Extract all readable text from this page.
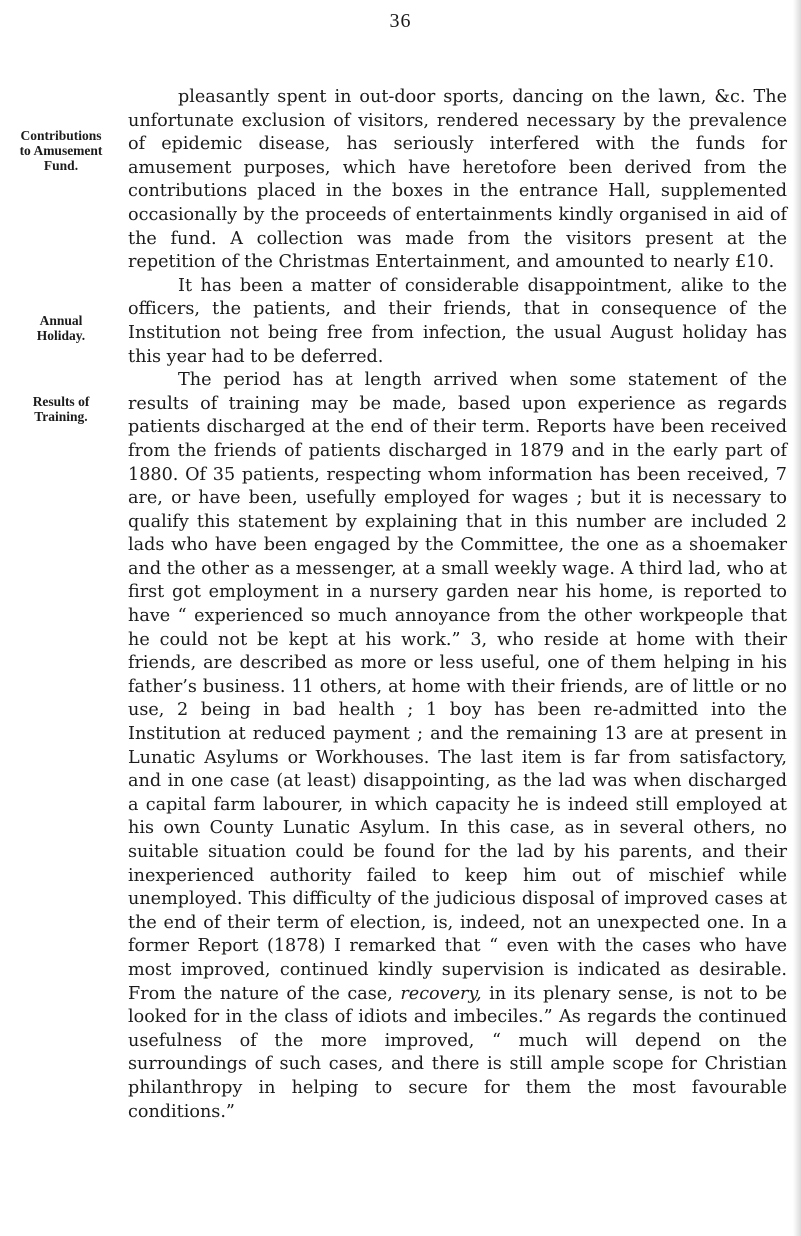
36
Contributions
to Amusement
Fund.
Annual
Holiday.
Results of
Training.

pleasantly spent in out-door sports, dancing on the lawn, &c. The unfortunate exclusion of visitors, rendered necessary by the prevalence of epidemic disease, has seriously interfered with the funds for amusement purposes, which have heretofore been derived from the contributions placed in the boxes in the entrance Hall, supplemented occasionally by the proceeds of entertainments kindly organised in aid of the fund. A collection was made from the visitors present at the repetition of the Christmas Entertainment, and amounted to nearly £10.

It has been a matter of considerable disappointment, alike to the officers, the patients, and their friends, that in consequence of the Institution not being free from infection, the usual August holiday has this year had to be deferred.

The period has at length arrived when some statement of the results of training may be made, based upon experience as regards patients discharged at the end of their term. Reports have been received from the friends of patients discharged in 1879 and in the early part of 1880. Of 35 patients, respecting whom information has been received, 7 are, or have been, usefully employed for wages ; but it is necessary to qualify this statement by explaining that in this number are included 2 lads who have been engaged by the Committee, the one as a shoemaker and the other as a messenger, at a small weekly wage. A third lad, who at first got employment in a nursery garden near his home, is reported to have “ experienced so much annoyance from the other workpeople that he could not be kept at his work.” 3, who reside at home with their friends, are described as more or less useful, one of them helping in his father’s business. 11 others, at home with their friends, are of little or no use, 2 being in bad health ; 1 boy has been re-admitted into the Institution at reduced payment ; and the remaining 13 are at present in Lunatic Asylums or Workhouses. The last item is far from satisfactory, and in one case (at least) disappointing, as the lad was when discharged a capital farm labourer, in which capacity he is indeed still employed at his own County Lunatic Asylum. In this case, as in several others, no suitable situation could be found for the lad by his parents, and their inexperienced authority failed to keep him out of mischief while unemployed. This difficulty of the judicious disposal of improved cases at the end of their term of election, is, indeed, not an unexpected one. In a former Report (1878) I remarked that “ even with the cases who have most improved, continued kindly supervision is indicated as desirable. From the nature of the case, recovery, in its plenary sense, is not to be looked for in the class of idiots and imbeciles.” As regards the continued usefulness of the more improved, “ much will depend on the surroundings of such cases, and there is still ample scope for Christian philanthropy in helping to secure for them the most favourable conditions.”
